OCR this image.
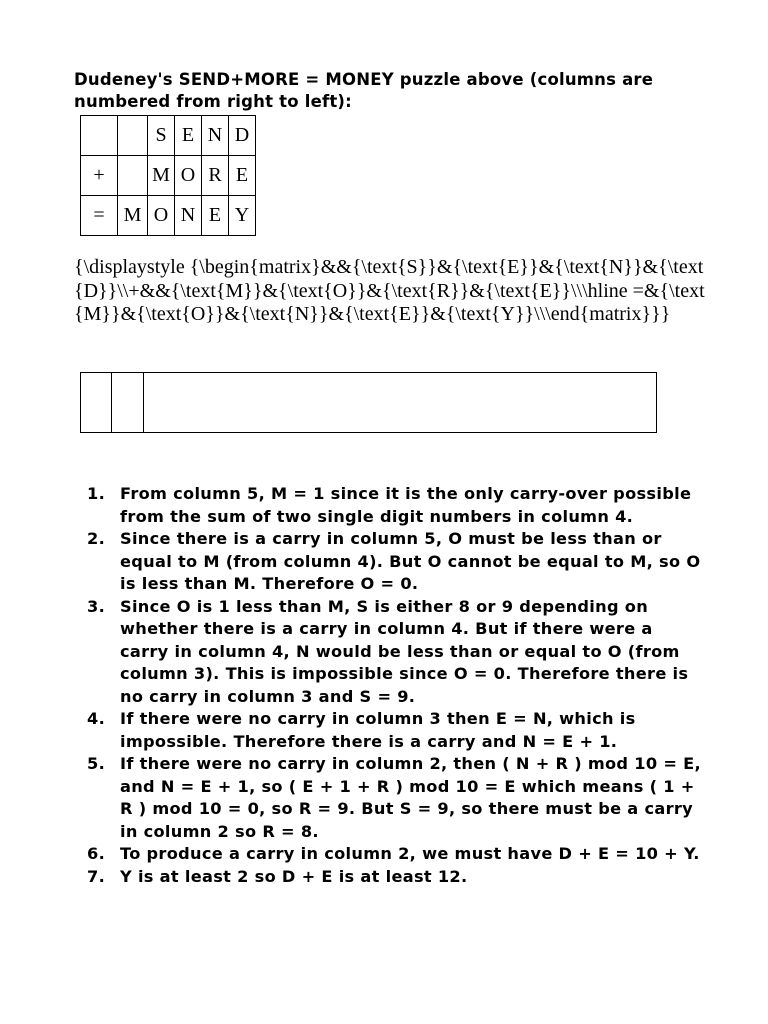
Dudeney's SEND+MORE = MONEY puzzle above (columns are numbered from right to left):

		S	E	N	D
+		M	O	R	E
=	M	O	N	E	Y

{\displaystyle {\begin{matrix}&&{\text{S}}&{\text{E}}&{\text{N}}&{\text{D}}\\+&&{\text{M}}&{\text{O}}&{\text{R}}&{\text{E}}\\\hline =&{\text{M}}&{\text{O}}&{\text{N}}&{\text{E}}&{\text{Y}}\\\end{matrix}}}

1. From column 5, M = 1 since it is the only carry-over possible from the sum of two single digit numbers in column 4.
2. Since there is a carry in column 5, O must be less than or equal to M (from column 4). But O cannot be equal to M, so O is less than M. Therefore O = 0.
3. Since O is 1 less than M, S is either 8 or 9 depending on whether there is a carry in column 4. But if there were a carry in column 4, N would be less than or equal to O (from column 3). This is impossible since O = 0. Therefore there is no carry in column 3 and S = 9.
4. If there were no carry in column 3 then E = N, which is impossible. Therefore there is a carry and N = E + 1.
5. If there were no carry in column 2, then ( N + R ) mod 10 = E, and N = E + 1, so ( E + 1 + R ) mod 10 = E which means ( 1 + R ) mod 10 = 0, so R = 9. But S = 9, so there must be a carry in column 2 so R = 8.
6. To produce a carry in column 2, we must have D + E = 10 + Y.
7. Y is at least 2 so D + E is at least 12.
